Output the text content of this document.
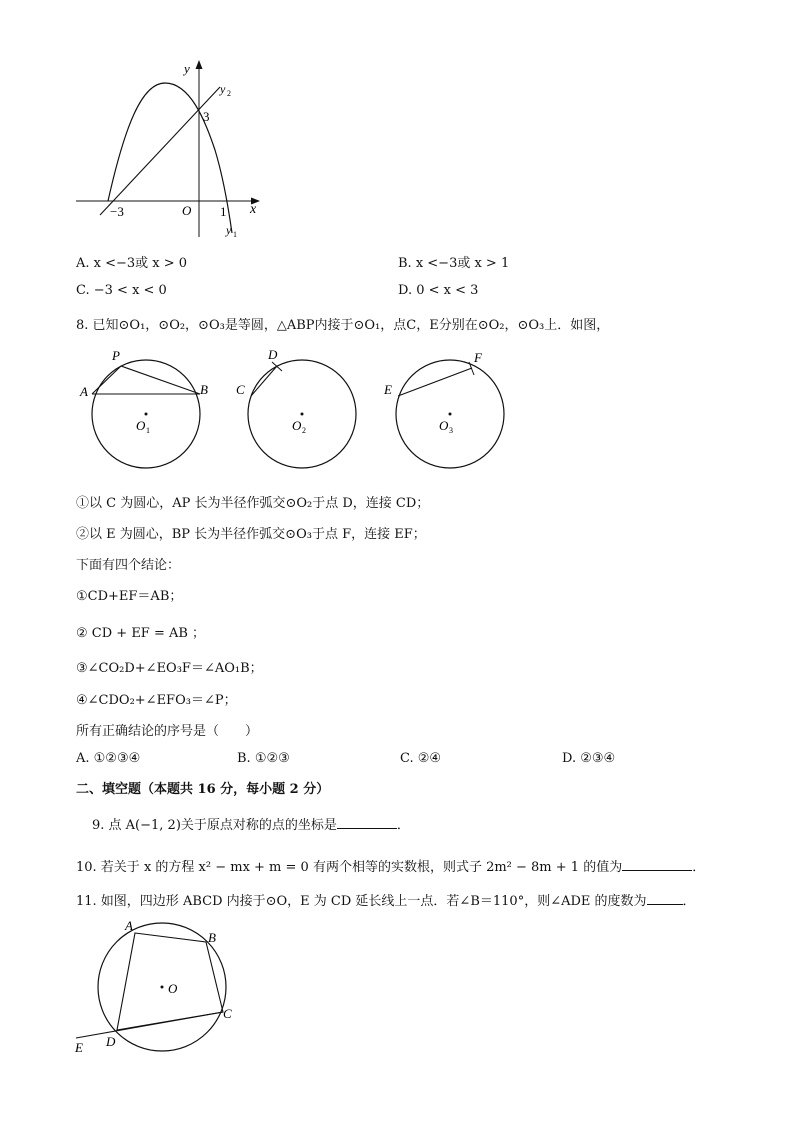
y
x
O
3
−3	1
y 2
y 1
A. x <−3或 x > 0	B. x <−3或 x > 1
C. −3 < x < 0	D. 0 < x < 3
8. 已知⊙O₁，⊙O₂，⊙O₃是等圆，△ABP内接于⊙O₁，点C，E分别在⊙O₂，⊙O₃上．如图，
P
A	B
O 1
D
C
O 2
F
E
O 3
①以 C 为圆心，AP 长为半径作弧交⊙O₂于点 D，连接 CD；
②以 E 为圆心，BP 长为半径作弧交⊙O₃于点 F，连接 EF；
下面有四个结论：
①CD+EF＝AB；
② CD + EF = AB ；
③∠CO₂D+∠EO₃F＝∠AO₁B；
④∠CDO₂+∠EFO₃＝∠P；
所有正确结论的序号是（　　）
A. ①②③④	B. ①②③	C. ②④	D. ②③④
二、填空题（本题共 16 分，每小题 2 分）
9. 点 A(−1, 2)关于原点对称的点的坐标是	．
10. 若关于 x 的方程 x² − mx + m = 0 有两个相等的实数根，则式子 2m² − 8m + 1 的值为	．
11. 如图，四边形 ABCD 内接于⊙O，E 为 CD 延长线上一点．若∠B＝110°，则∠ADE 的度数为	．
A
B
C
D
E
O
